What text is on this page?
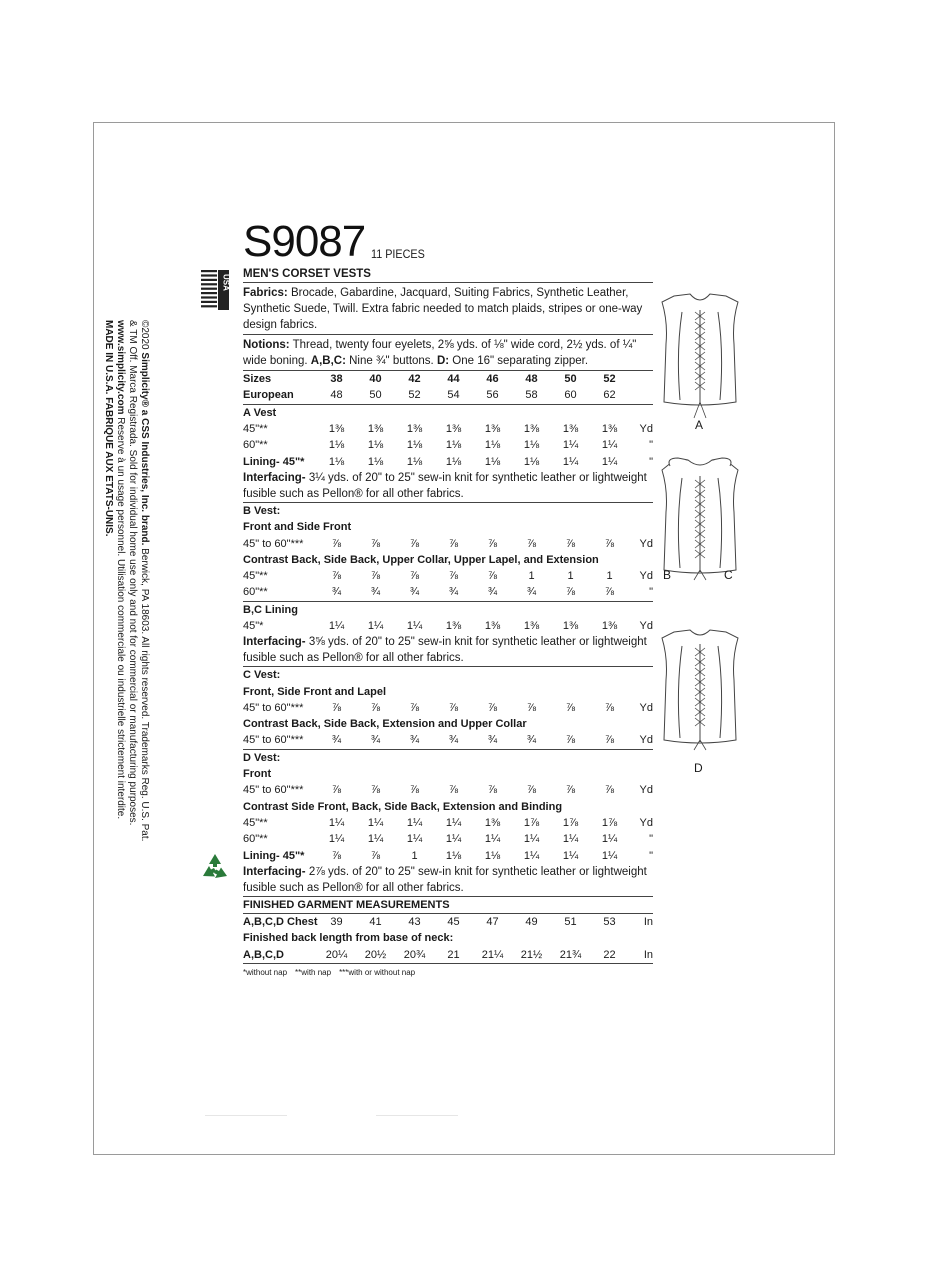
USA
©2020 Simplicity® a CSS Industries, Inc. brand. Berwick, PA 18603. All rights reserved. Trademarks Reg. U.S. Pat.
& TM Off. Marca Registrada. Sold for individual home use only and not for commercial or manufacturing purposes.
www.simplicity.com Reserve à un usage personnel. Utilisation commerciale ou industrielle strictement interdite.
MADE IN U.S.A. FABRIQUE AUX ETATS-UNIS.
S9087 11 PIECES
MEN'S CORSET VESTS
Fabrics: Brocade, Gabardine, Jacquard, Suiting Fabrics, Synthetic Leather, Synthetic Suede, Twill. Extra fabric needed to match plaids, stripes or one-way design fabrics.
Notions: Thread, twenty four eyelets, 2⅝ yds. of ⅛" wide cord, 2½ yds. of ¼" wide boning. A,B,C: Nine ¾" buttons. D: One 16" separating zipper.
Sizes	38	40	42	44	46	48	50	52	
European	48	50	52	54	56	58	60	62	
A Vest									
45"**	1⅜	1⅜	1⅜	1⅜	1⅜	1⅜	1⅜	1⅜	Yd
60"**	1⅛	1⅛	1⅛	1⅛	1⅛	1⅛	1¼	1¼	"
Lining- 45"*	1⅛	1⅛	1⅛	1⅛	1⅛	1⅛	1¼	1¼	"
Interfacing- 3¼ yds. of 20" to 25" sew-in knit for synthetic leather or lightweight fusible such as Pellon® for all other fabrics.									
B Vest:									
Front and Side Front									
45" to 60"***	⅞	⅞	⅞	⅞	⅞	⅞	⅞	⅞	Yd
Contrast Back, Side Back, Upper Collar, Upper Lapel, and Extension									
45"**	⅞	⅞	⅞	⅞	⅞	1	1	1	Yd
60"**	¾	¾	¾	¾	¾	¾	⅞	⅞	"
B,C Lining									
45"*	1¼	1¼	1¼	1⅜	1⅜	1⅜	1⅜	1⅜	Yd
Interfacing- 3⅝ yds. of 20" to 25" sew-in knit for synthetic leather or lightweight fusible such as Pellon® for all other fabrics.									
C Vest:									
Front, Side Front and Lapel									
45" to 60"***	⅞	⅞	⅞	⅞	⅞	⅞	⅞	⅞	Yd
Contrast Back, Side Back, Extension and Upper Collar									
45" to 60"***	¾	¾	¾	¾	¾	¾	⅞	⅞	Yd
D Vest:									
Front									
45" to 60"***	⅞	⅞	⅞	⅞	⅞	⅞	⅞	⅞	Yd
Contrast Side Front, Back, Side Back, Extension and Binding									
45"**	1¼	1¼	1¼	1¼	1⅜	1⅞	1⅞	1⅞	Yd
60"**	1¼	1¼	1¼	1¼	1¼	1¼	1¼	1¼	"
Lining- 45"*	⅞	⅞	1	1⅛	1⅛	1¼	1¼	1¼	"
Interfacing- 2⅞ yds. of 20" to 25" sew-in knit for synthetic leather or lightweight fusible such as Pellon® for all other fabrics.									
FINISHED GARMENT MEASUREMENTS									
A,B,C,D Chest	39	41	43	45	47	49	51	53	In
Finished back length from base of neck:									
A,B,C,D	20¼	20½	20¾	21	21¼	21½	21¾	22	In
*without nap **with nap ***with or without nap
A
B	C
D
